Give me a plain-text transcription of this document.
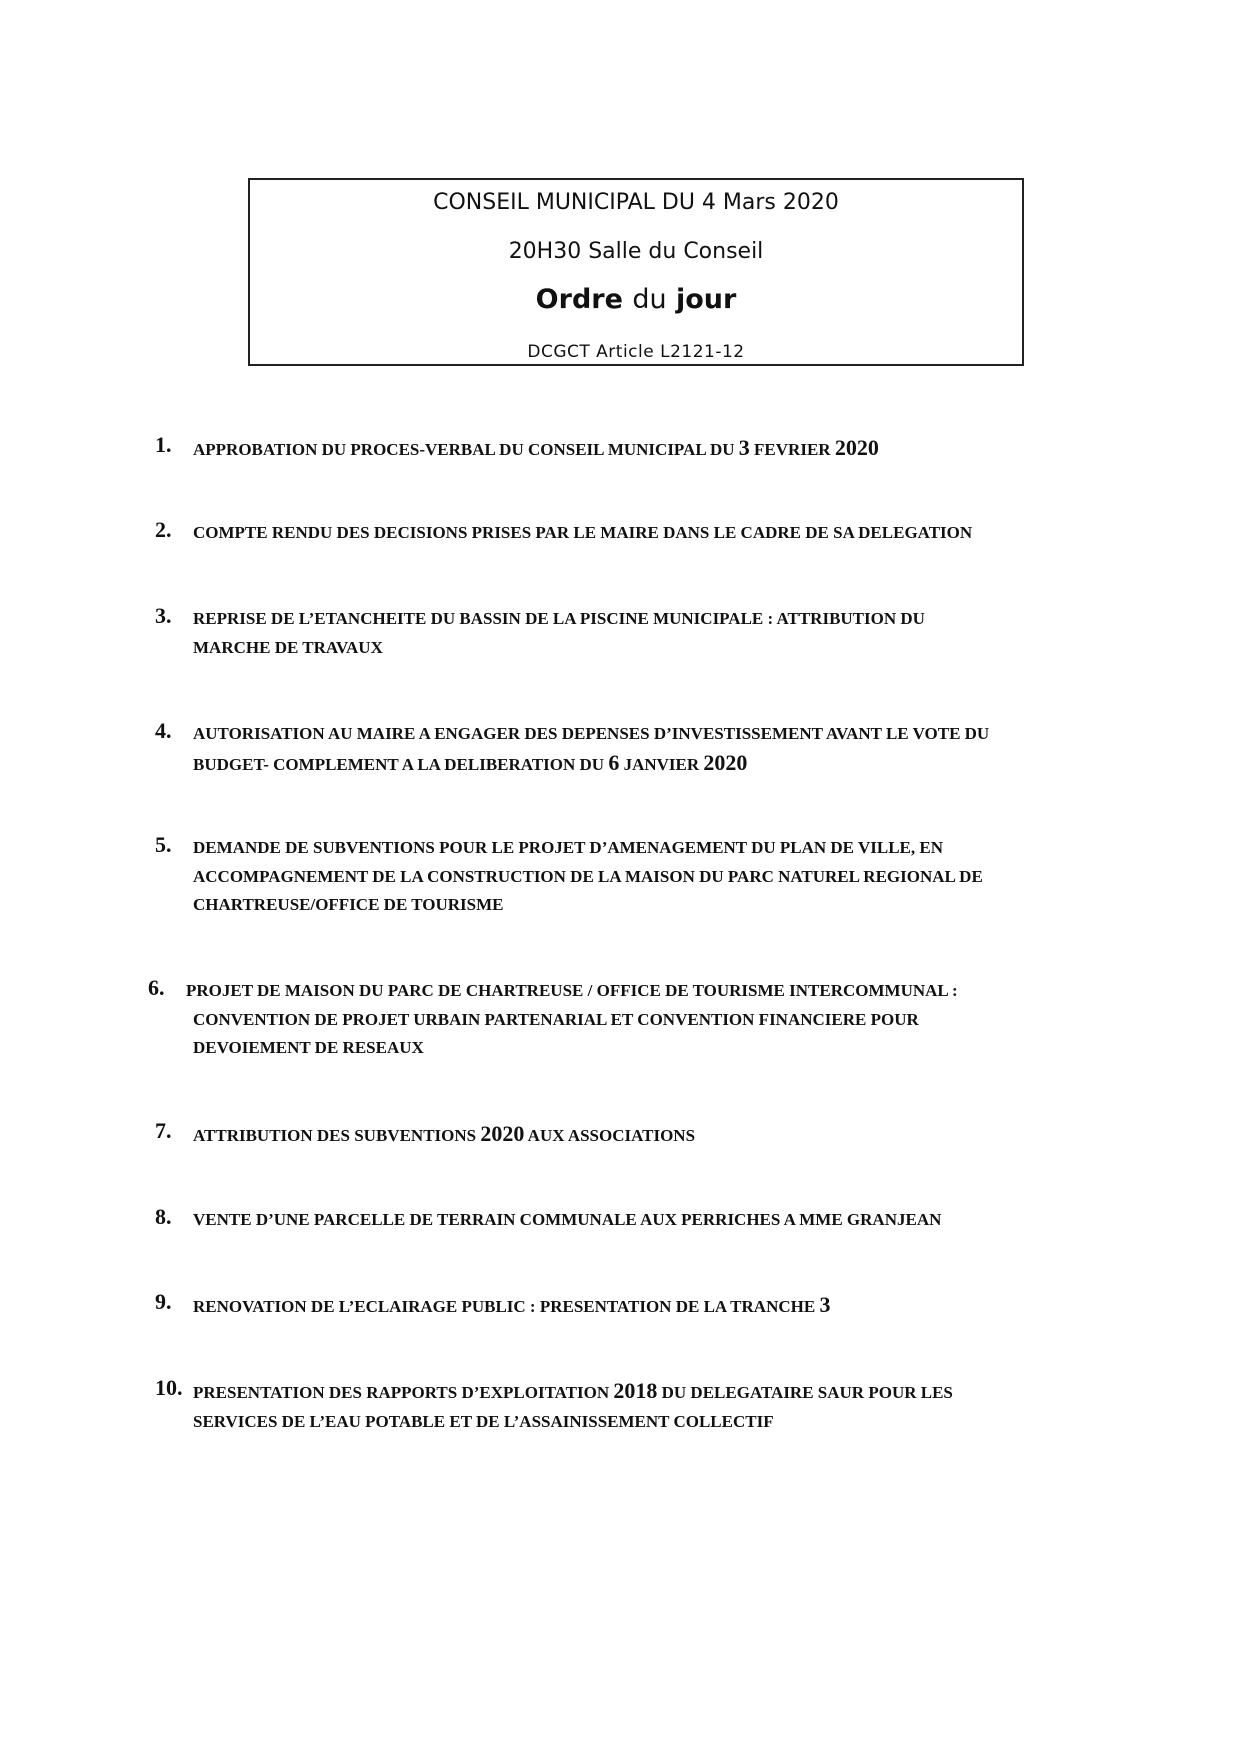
CONSEIL MUNICIPAL DU 4 Mars 2020
20H30 Salle du Conseil
Ordre du jour
DCGCT Article L2121-12
1. APPROBATION DU PROCES-VERBAL DU CONSEIL MUNICIPAL DU 3 FEVRIER 2020
2. COMPTE RENDU DES DECISIONS PRISES PAR LE MAIRE DANS LE CADRE DE SA DELEGATION
3. REPRISE DE L’ETANCHEITE DU BASSIN DE LA PISCINE MUNICIPALE : ATTRIBUTION DU
MARCHE DE TRAVAUX
4. AUTORISATION AU MAIRE A ENGAGER DES DEPENSES D’INVESTISSEMENT AVANT LE VOTE DU
BUDGET- COMPLEMENT A LA DELIBERATION DU 6 JANVIER 2020
5. DEMANDE DE SUBVENTIONS POUR LE PROJET D’AMENAGEMENT DU PLAN DE VILLE, EN
ACCOMPAGNEMENT DE LA CONSTRUCTION DE LA MAISON DU PARC NATUREL REGIONAL DE
CHARTREUSE/OFFICE DE TOURISME
6. PROJET DE MAISON DU PARC DE CHARTREUSE / OFFICE DE TOURISME INTERCOMMUNAL :
CONVENTION DE PROJET URBAIN PARTENARIAL ET CONVENTION FINANCIERE POUR
DEVOIEMENT DE RESEAUX
7. ATTRIBUTION DES SUBVENTIONS 2020 AUX ASSOCIATIONS
8. VENTE D’UNE PARCELLE DE TERRAIN COMMUNALE AUX PERRICHES A MME GRANJEAN
9. RENOVATION DE L’ECLAIRAGE PUBLIC : PRESENTATION DE LA TRANCHE 3
10. PRESENTATION DES RAPPORTS D’EXPLOITATION 2018 DU DELEGATAIRE SAUR POUR LES
SERVICES DE L’EAU POTABLE ET DE L’ASSAINISSEMENT COLLECTIF
